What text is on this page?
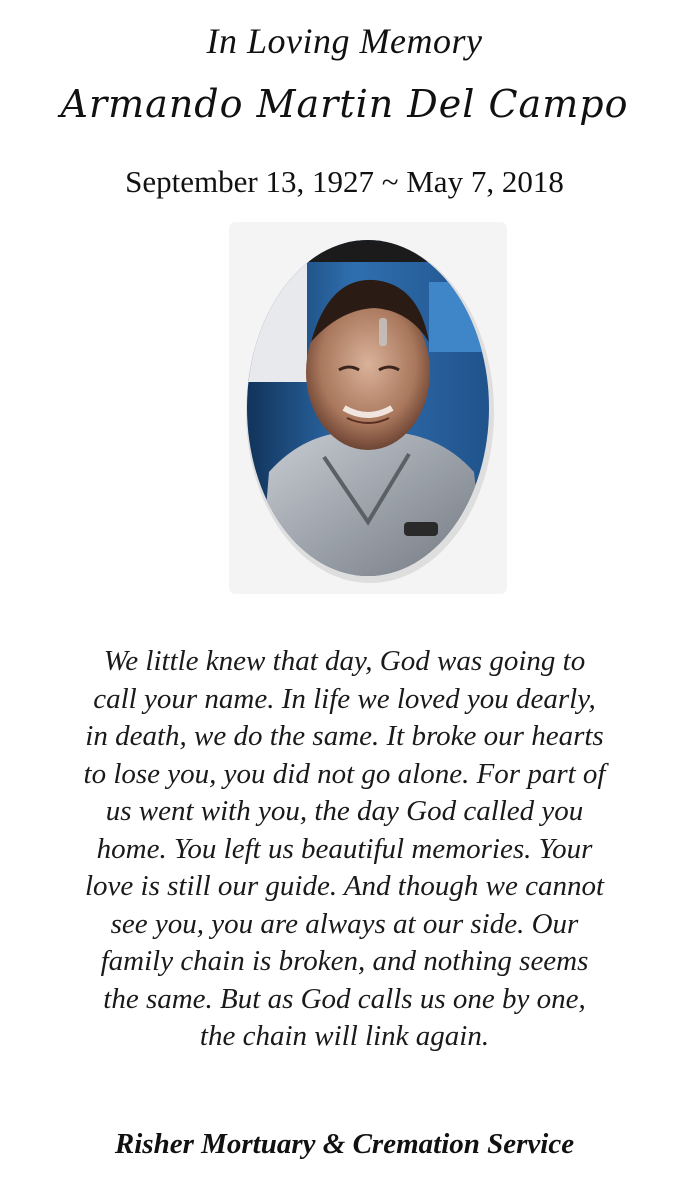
In Loving Memory
Armando Martin Del Campo
September 13, 1927 ~ May 7, 2018
We little knew that day, God was going to
call your name. In life we loved you dearly,
in death, we do the same. It broke our hearts
to lose you, you did not go alone. For part of
us went with you, the day God called you
home. You left us beautiful memories. Your
love is still our guide. And though we cannot
see you, you are always at our side. Our
family chain is broken, and nothing seems
the same. But as God calls us one by one,
the chain will link again.
Risher Mortuary & Cremation Service
